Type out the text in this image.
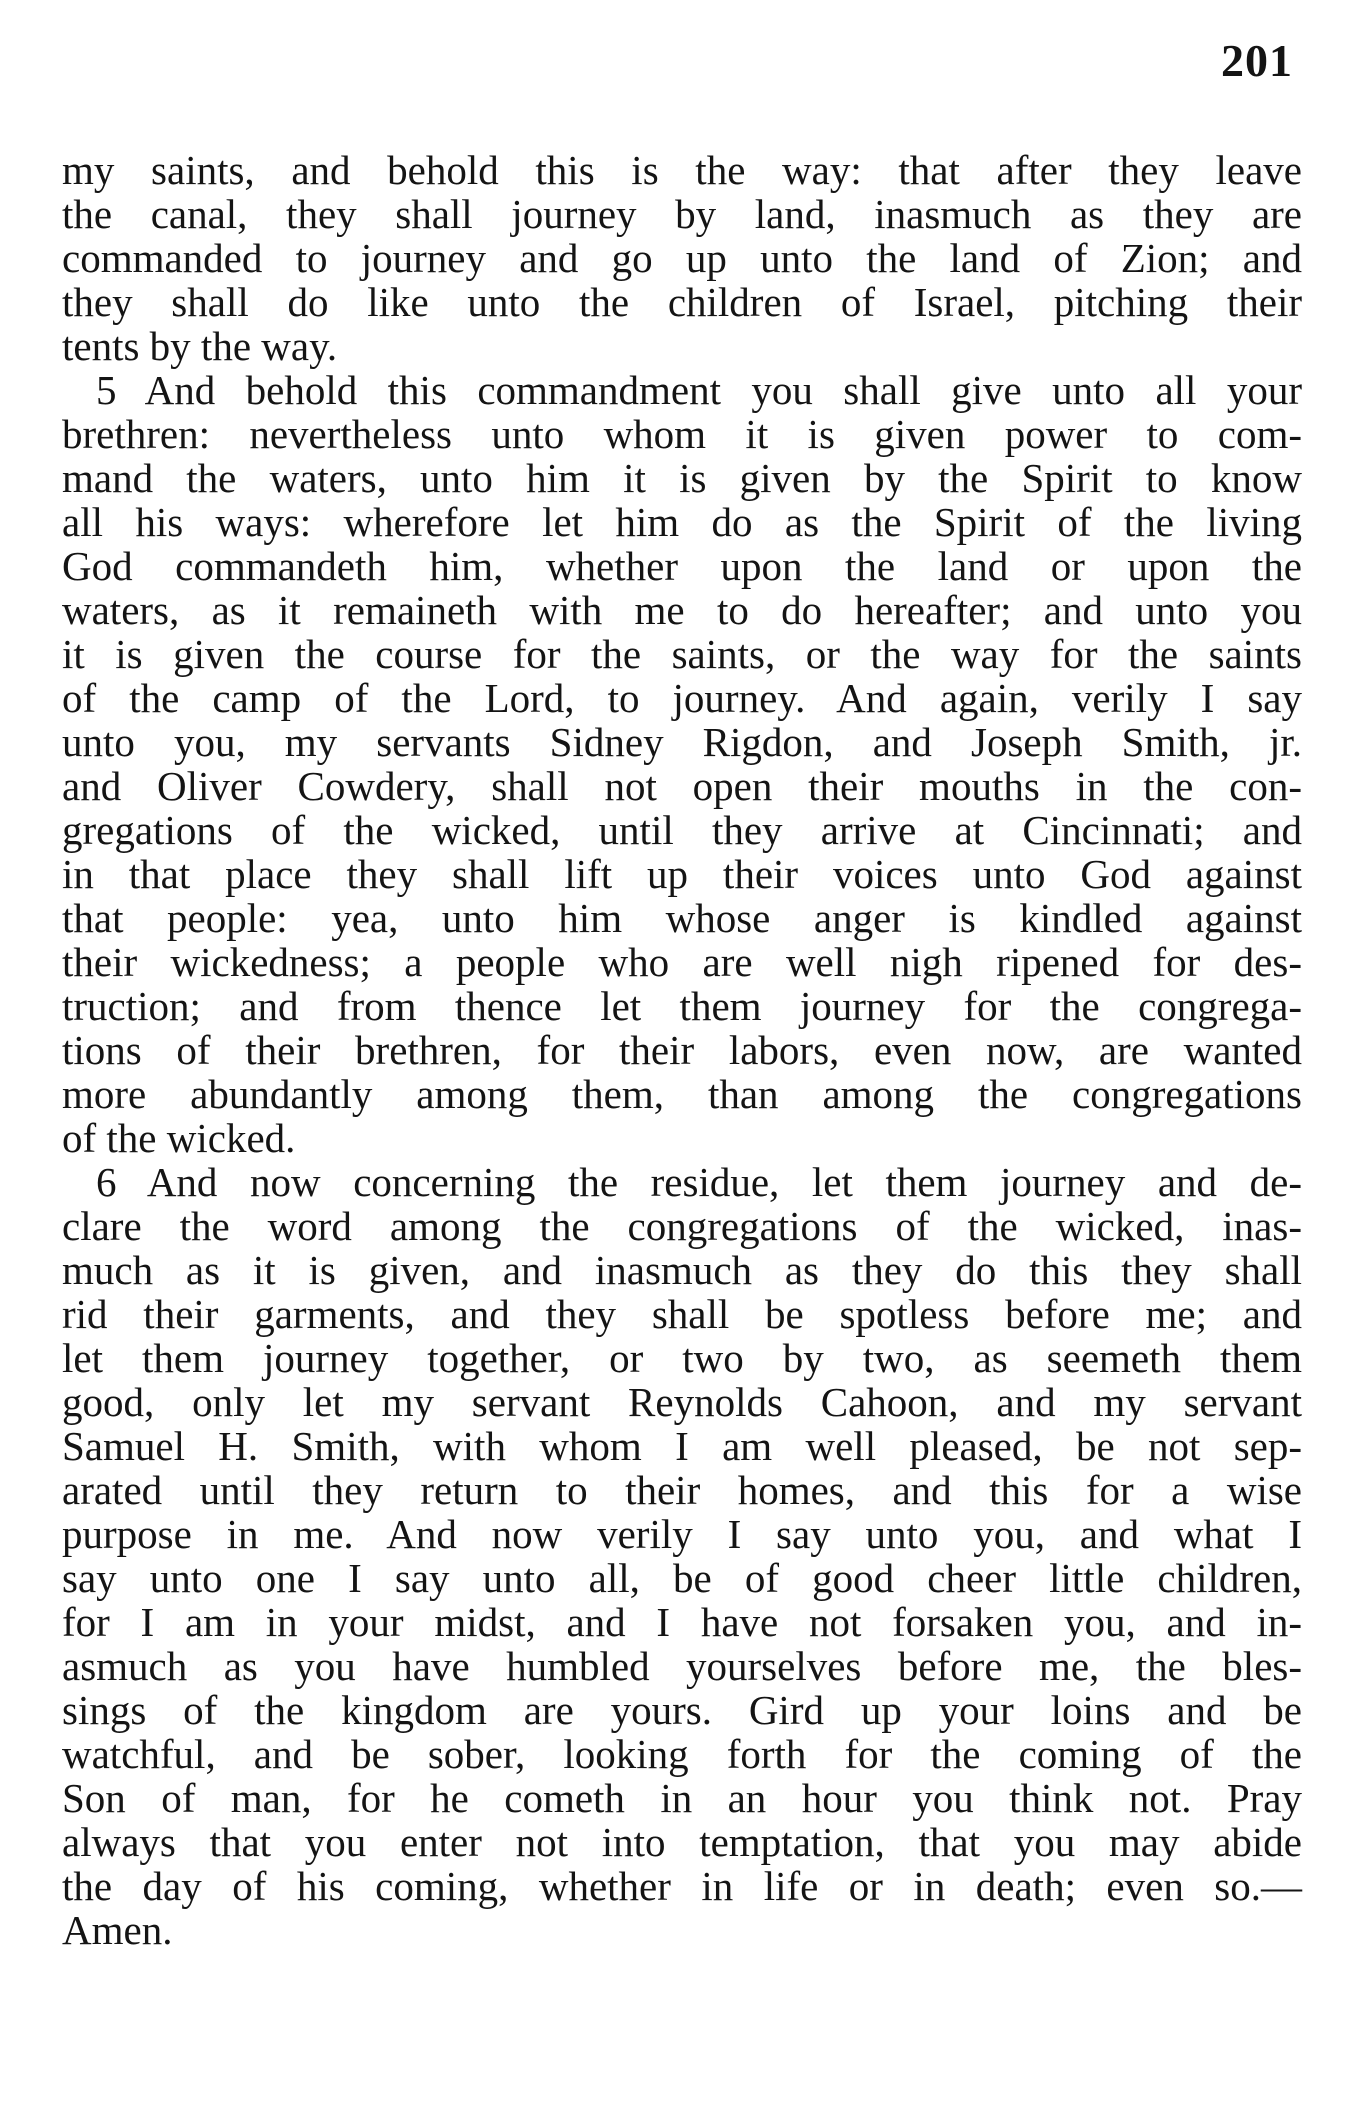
201
my saints, and behold this is the way: that after they leave
the canal, they shall journey by land, inasmuch as they are
commanded to journey and go up unto the land of Zion; and
they shall do like unto the children of Israel, pitching their
tents by the way.
5 And behold this commandment you shall give unto all your
brethren: nevertheless unto whom it is given power to com-
mand the waters, unto him it is given by the Spirit to know
all his ways: wherefore let him do as the Spirit of the living
God commandeth him, whether upon the land or upon the
waters, as it remaineth with me to do hereafter; and unto you
it is given the course for the saints, or the way for the saints
of the camp of the Lord, to journey. And again, verily I say
unto you, my servants Sidney Rigdon, and Joseph Smith, jr.
and Oliver Cowdery, shall not open their mouths in the con-
gregations of the wicked, until they arrive at Cincinnati; and
in that place they shall lift up their voices unto God against
that people: yea, unto him whose anger is kindled against
their wickedness; a people who are well nigh ripened for des-
truction; and from thence let them journey for the congrega-
tions of their brethren, for their labors, even now, are wanted
more abundantly among them, than among the congregations
of the wicked.
6 And now concerning the residue, let them journey and de-
clare the word among the congregations of the wicked, inas-
much as it is given, and inasmuch as they do this they shall
rid their garments, and they shall be spotless before me; and
let them journey together, or two by two, as seemeth them
good, only let my servant Reynolds Cahoon, and my servant
Samuel H. Smith, with whom I am well pleased, be not sep-
arated until they return to their homes, and this for a wise
purpose in me. And now verily I say unto you, and what I
say unto one I say unto all, be of good cheer little children,
for I am in your midst, and I have not forsaken you, and in-
asmuch as you have humbled yourselves before me, the bles-
sings of the kingdom are yours. Gird up your loins and be
watchful, and be sober, looking forth for the coming of the
Son of man, for he cometh in an hour you think not. Pray
always that you enter not into temptation, that you may abide
the day of his coming, whether in life or in death; even so.—
Amen.
